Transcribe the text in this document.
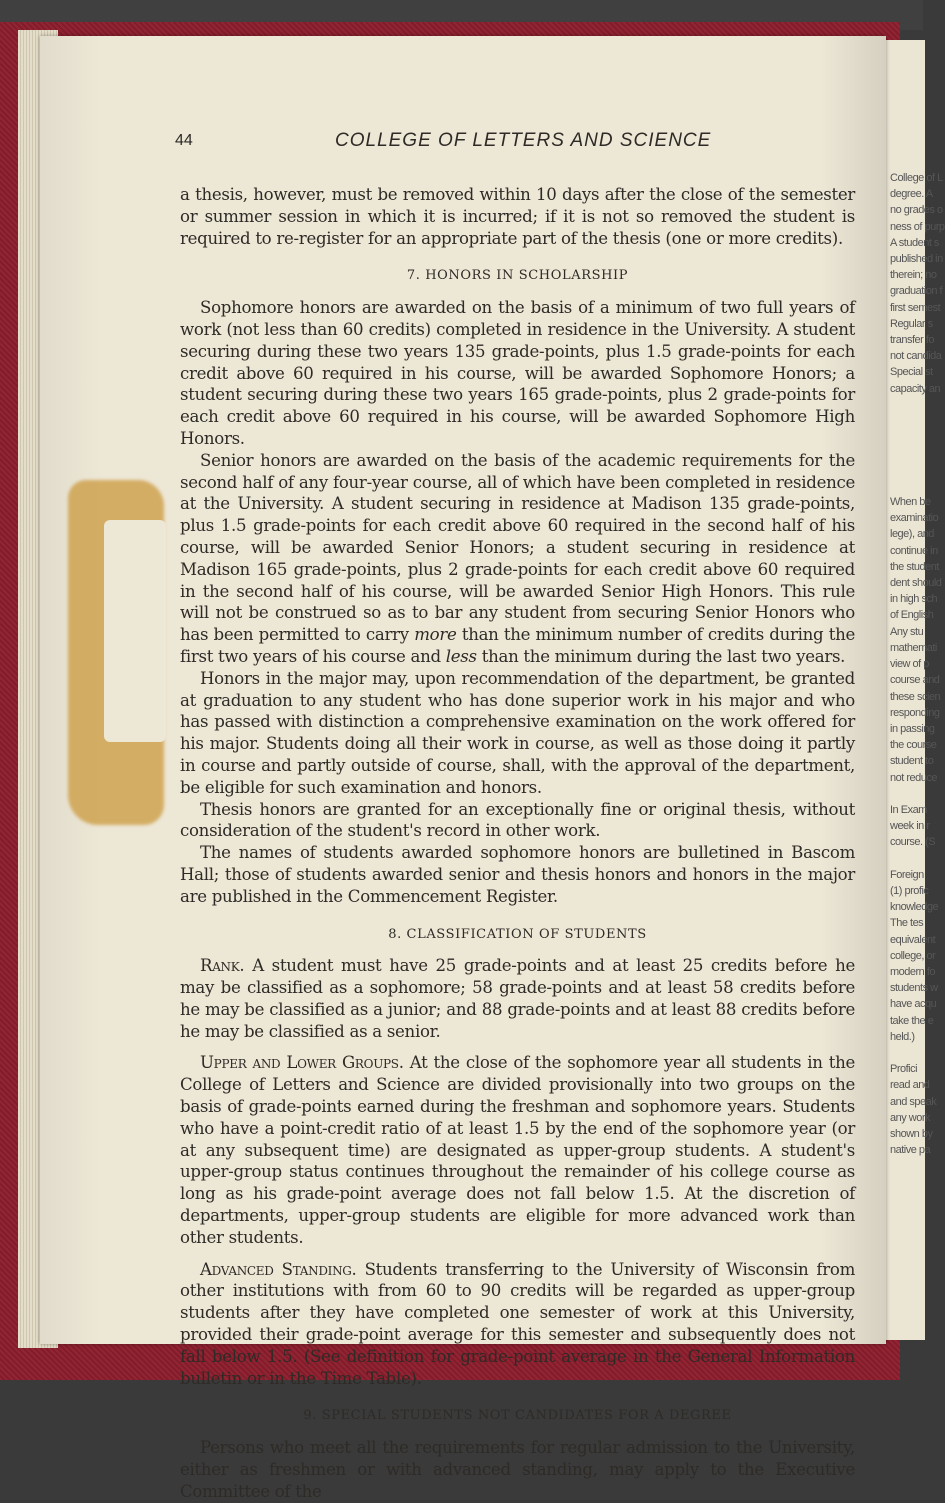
College of L
degree. A
no grades o
ness of purp
A student s
published in
therein; no
graduation f
first semest
Regular s
transfer fo
not candida
Special st
capacity an

When be
examinatio
lege), and
continue in
the student
dent should
in high sch
of English
Any stu
mathemati
view of p
course and
these scien
responding
in passing
the course
student to
not reduce

In Exam
week in r
course. (S

Foreign
(1) profic
knowledge
The tes
equivalent
college, or
modern fo
students w
have acqu
take the e
held.)

Profici
read and
and speak
any work
shown by
native pa
44	COLLEGE OF LETTERS AND SCIENCE

a thesis, however, must be removed within 10 days after the close of the semester or summer session in which it is incurred; if it is not so removed the student is required to re-register for an appropriate part of the thesis (one or more credits).

7. HONORS IN SCHOLARSHIP

Sophomore honors are awarded on the basis of a minimum of two full years of work (not less than 60 credits) completed in residence in the University. A student securing during these two years 135 grade-points, plus 1.5 grade-points for each credit above 60 required in his course, will be awarded Sophomore Honors; a student securing during these two years 165 grade-points, plus 2 grade-points for each credit above 60 required in his course, will be awarded Sophomore High Honors.

Senior honors are awarded on the basis of the academic requirements for the second half of any four-year course, all of which have been completed in residence at the University. A student securing in residence at Madison 135 grade-points, plus 1.5 grade-points for each credit above 60 required in the second half of his course, will be awarded Senior Honors; a student securing in residence at Madison 165 grade-points, plus 2 grade-points for each credit above 60 required in the second half of his course, will be awarded Senior High Honors. This rule will not be construed so as to bar any student from securing Senior Honors who has been permitted to carry more than the minimum number of credits during the first two years of his course and less than the minimum during the last two years.

Honors in the major may, upon recommendation of the department, be granted at graduation to any student who has done superior work in his major and who has passed with distinction a comprehensive examination on the work offered for his major. Students doing all their work in course, as well as those doing it partly in course and partly outside of course, shall, with the approval of the department, be eligible for such examination and honors.

Thesis honors are granted for an exceptionally fine or original thesis, without consideration of the student's record in other work.

The names of students awarded sophomore honors are bulletined in Bascom Hall; those of students awarded senior and thesis honors and honors in the major are published in the Commencement Register.

8. CLASSIFICATION OF STUDENTS

Rank. A student must have 25 grade-points and at least 25 credits before he may be classified as a sophomore; 58 grade-points and at least 58 credits before he may be classified as a junior; and 88 grade-points and at least 88 credits before he may be classified as a senior.

Upper and Lower Groups. At the close of the sophomore year all students in the College of Letters and Science are divided provisionally into two groups on the basis of grade-points earned during the freshman and sophomore years. Students who have a point-credit ratio of at least 1.5 by the end of the sophomore year (or at any subsequent time) are designated as upper-group students. A student's upper-group status continues throughout the remainder of his college course as long as his grade-point average does not fall below 1.5. At the discretion of departments, upper-group students are eligible for more advanced work than other students.

Advanced Standing. Students transferring to the University of Wisconsin from other institutions with from 60 to 90 credits will be regarded as upper-group students after they have completed one semester of work at this University, provided their grade-point average for this semester and subsequently does not fall below 1.5. (See definition for grade-point average in the General Information bulletin or in the Time Table).

9. SPECIAL STUDENTS NOT CANDIDATES FOR A DEGREE

Persons who meet all the requirements for regular admission to the University, either as freshmen or with advanced standing, may apply to the Executive Committee of the
